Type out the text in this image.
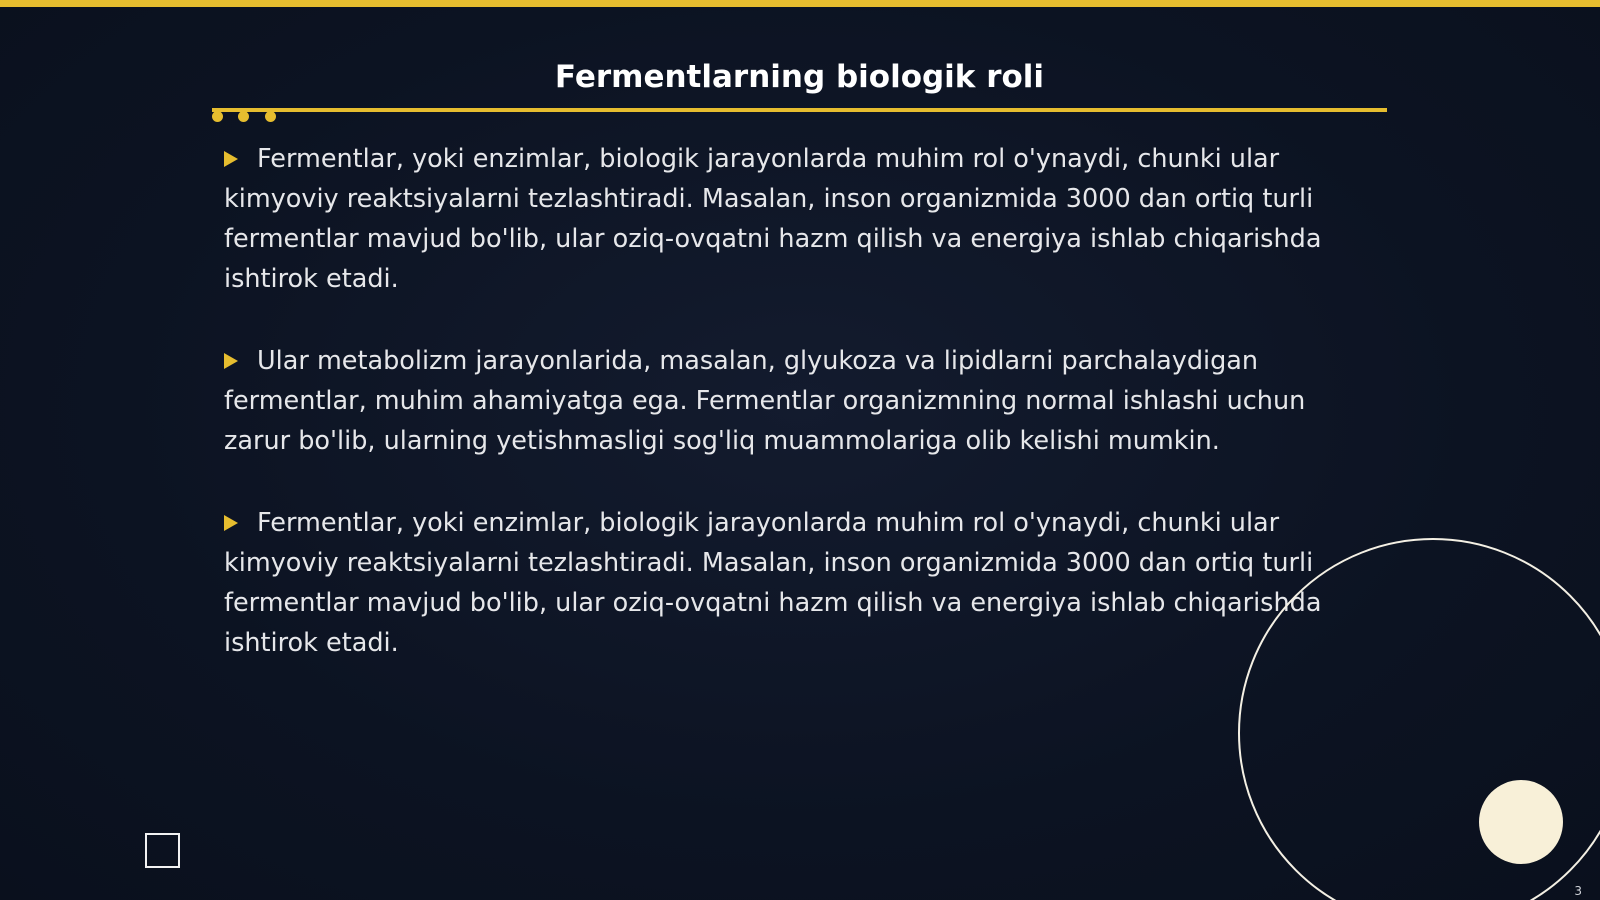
Fermentlarning biologik roli
Fermentlar, yoki enzimlar, biologik jarayonlarda muhim rol o'ynaydi, chunki ular kimyoviy reaktsiyalarni tezlashtiradi. Masalan, inson organizmida 3000 dan ortiq turli fermentlar mavjud bo'lib, ular oziq-ovqatni hazm qilish va energiya ishlab chiqarishda ishtirok etadi.
Ular metabolizm jarayonlarida, masalan, glyukoza va lipidlarni parchalaydigan fermentlar, muhim ahamiyatga ega. Fermentlar organizmning normal ishlashi uchun zarur bo'lib, ularning yetishmasligi sog'liq muammolariga olib kelishi mumkin.
Fermentlar, yoki enzimlar, biologik jarayonlarda muhim rol o'ynaydi, chunki ular kimyoviy reaktsiyalarni tezlashtiradi. Masalan, inson organizmida 3000 dan ortiq turli fermentlar mavjud bo'lib, ular oziq-ovqatni hazm qilish va energiya ishlab chiqarishda ishtirok etadi.
3
